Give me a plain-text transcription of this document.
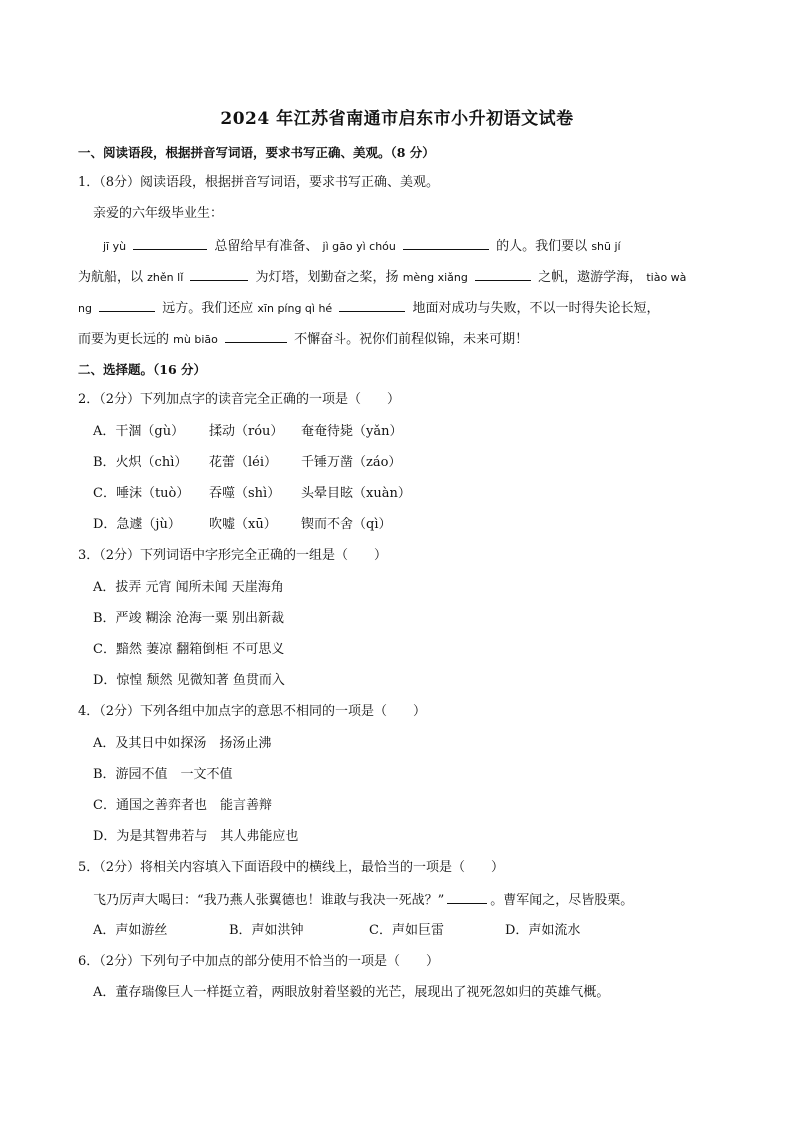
2024 年江苏省南通市启东市小升初语文试卷
一、阅读语段，根据拼音写词语，要求书写正确、美观。（8 分）
1．（8分）阅读语段，根据拼音写词语，要求书写正确、美观。
亲爱的六年级毕业生：
jī yù	总留给早有准备、 jì gāo yì chóu	的人。我们要以 shū jí
为航船，以 zhěn lǐ	为灯塔，划勤奋之桨，扬 mèng xiǎng	之帆，遨游学海， tiào wà
ng	远方。我们还应 xīn píng qì hé	地面对成功与失败，不以一时得失论长短，
而要为更长远的 mù biāo	不懈奋斗。祝你们前程似锦，未来可期！
二、选择题。（16 分）
2．（2分）下列加点字的读音完全正确的一项是（　　）
A．干涸（gù） 揉动（róu） 奄奄待毙（yǎn）
B．火炽（chì） 花蕾（léi） 千锤万凿（záo）
C．唾沫（tuò） 吞噬（shì） 头晕目眩（xuàn）
D．急遽（jù） 吹嘘（xū） 锲而不舍（qì）
3．（2分）下列词语中字形完全正确的一组是（　　）
A．拔弄 元宵 闻所未闻 天崖海角
B．严竣 糊涂 沧海一粟 别出新裁
C．黯然 萋凉 翻箱倒柜 不可思义
D．惊惶 颓然 见微知著 鱼贯而入
4．（2分）下列各组中加点字的意思不相同的一项是（　　）
A．及其日中如探汤　扬汤止沸
B．游园不值　一文不值
C．通国之善弈者也　能言善辩
D．为是其智弗若与　其人弗能应也
5．（2分）将相关内容填入下面语段中的横线上，最恰当的一项是（　　）
飞乃厉声大喝曰：“我乃燕人张翼德也！谁敢与我决一死战？”	。曹军闻之，尽皆股栗。
A．声如游丝	B．声如洪钟	C．声如巨雷	D．声如流水
6．（2分）下列句子中加点的部分使用不恰当的一项是（　　）
A．董存瑞像巨人一样挺立着，两眼放射着坚毅的光芒，展现出了视死忽如归的英雄气概。
